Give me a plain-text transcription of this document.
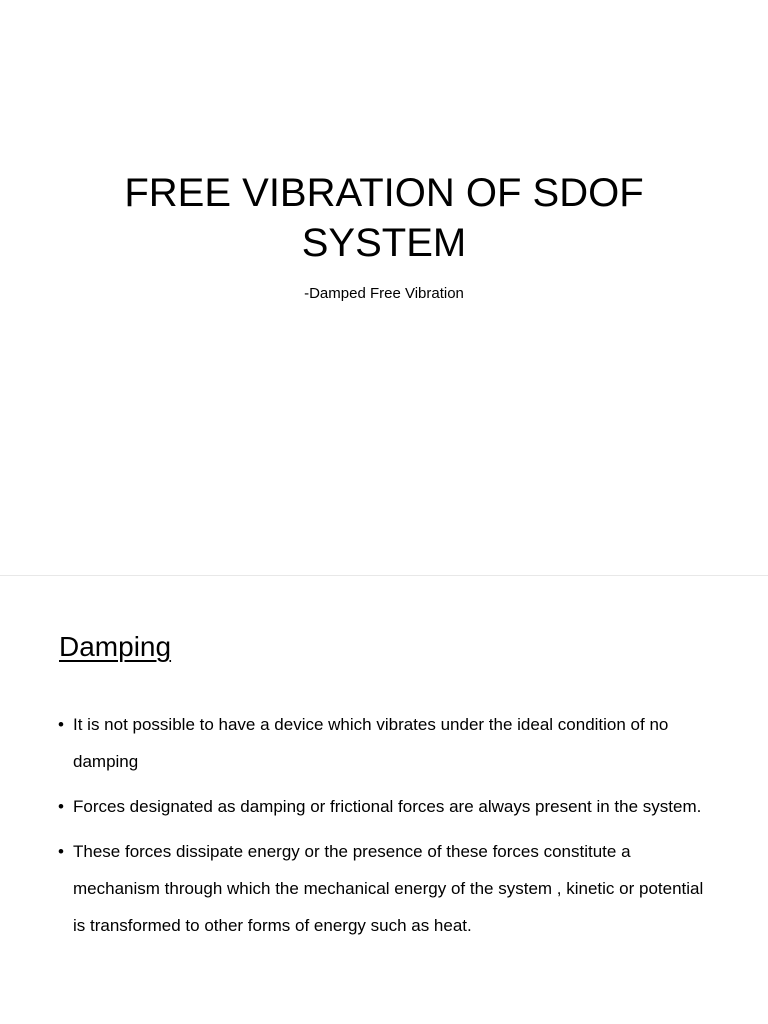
FREE VIBRATION OF SDOF
SYSTEM

-Damped Free Vibration

Damping
• It is not possible to have a device which vibrates under the ideal condition of no damping
• Forces designated as damping or frictional forces are always present in the system.
• These forces dissipate energy or the presence of these forces constitute a mechanism through which the mechanical energy of the system , kinetic or potential is transformed to other forms of energy such as heat.
